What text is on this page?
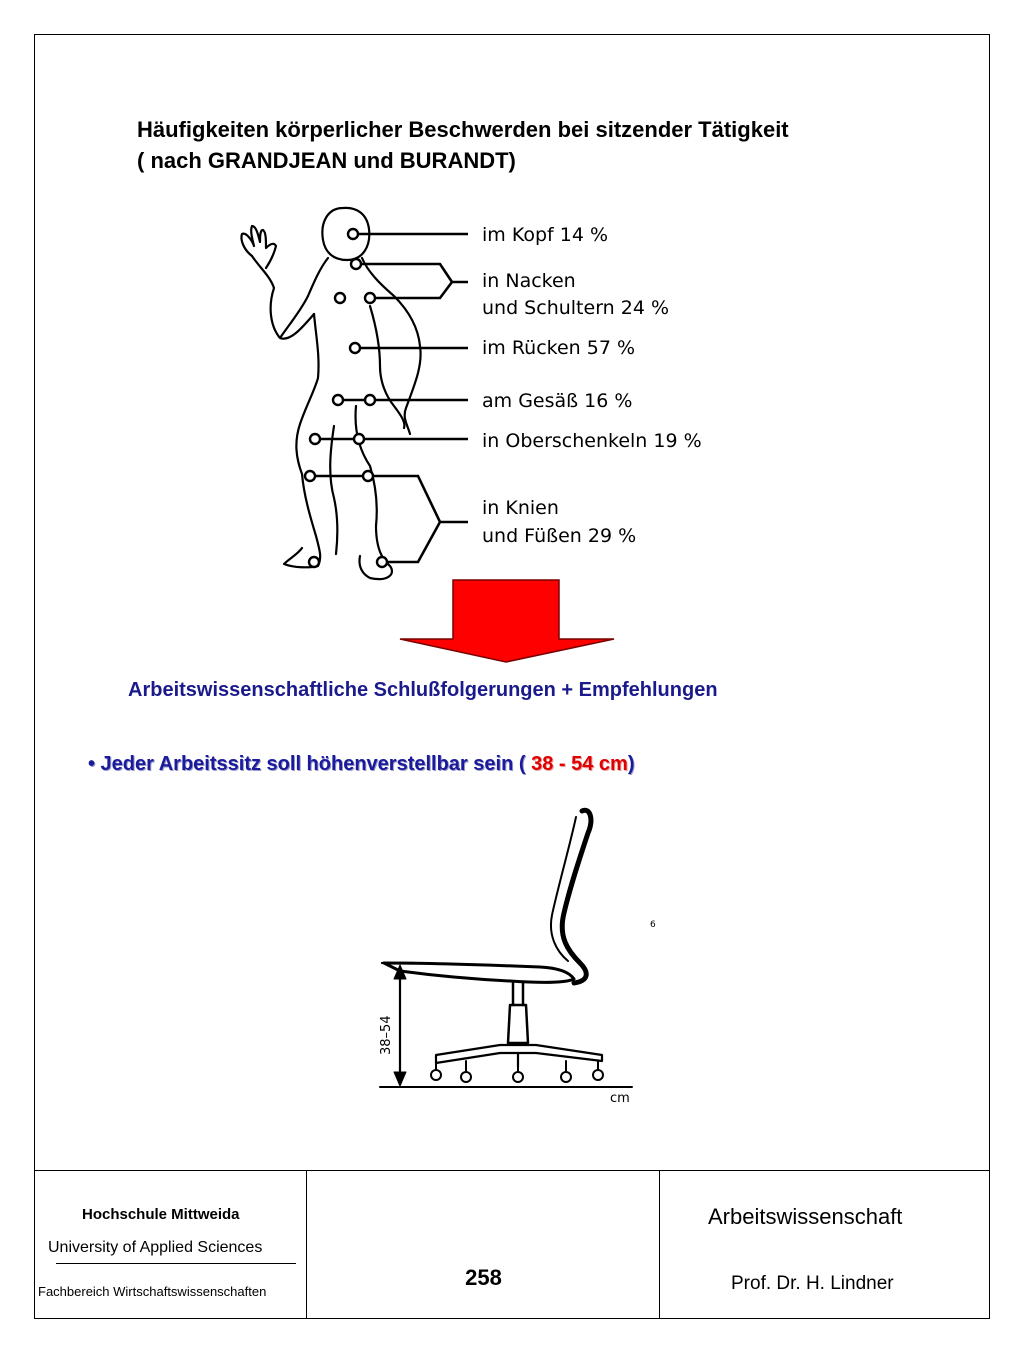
Häufigkeiten körperlicher Beschwerden bei sitzender Tätigkeit
( nach GRANDJEAN und BURANDT)
im Kopf 14 %
in Nacken
und Schultern 24 %
im Rücken 57 %
am Gesäß 16 %
in Oberschenkeln 19 %
in Knien
und Füßen 29 %
Arbeitswissenschaftliche Schlußfolgerungen + Empfehlungen
• Jeder Arbeitssitz soll höhenverstellbar sein ( 38 - 54 cm)
38–54
cm
6
Hochschule Mittweida
University of Applied Sciences
Fachbereich Wirtschaftswissenschaften
258
Arbeitswissenschaft
Prof. Dr. H. Lindner
